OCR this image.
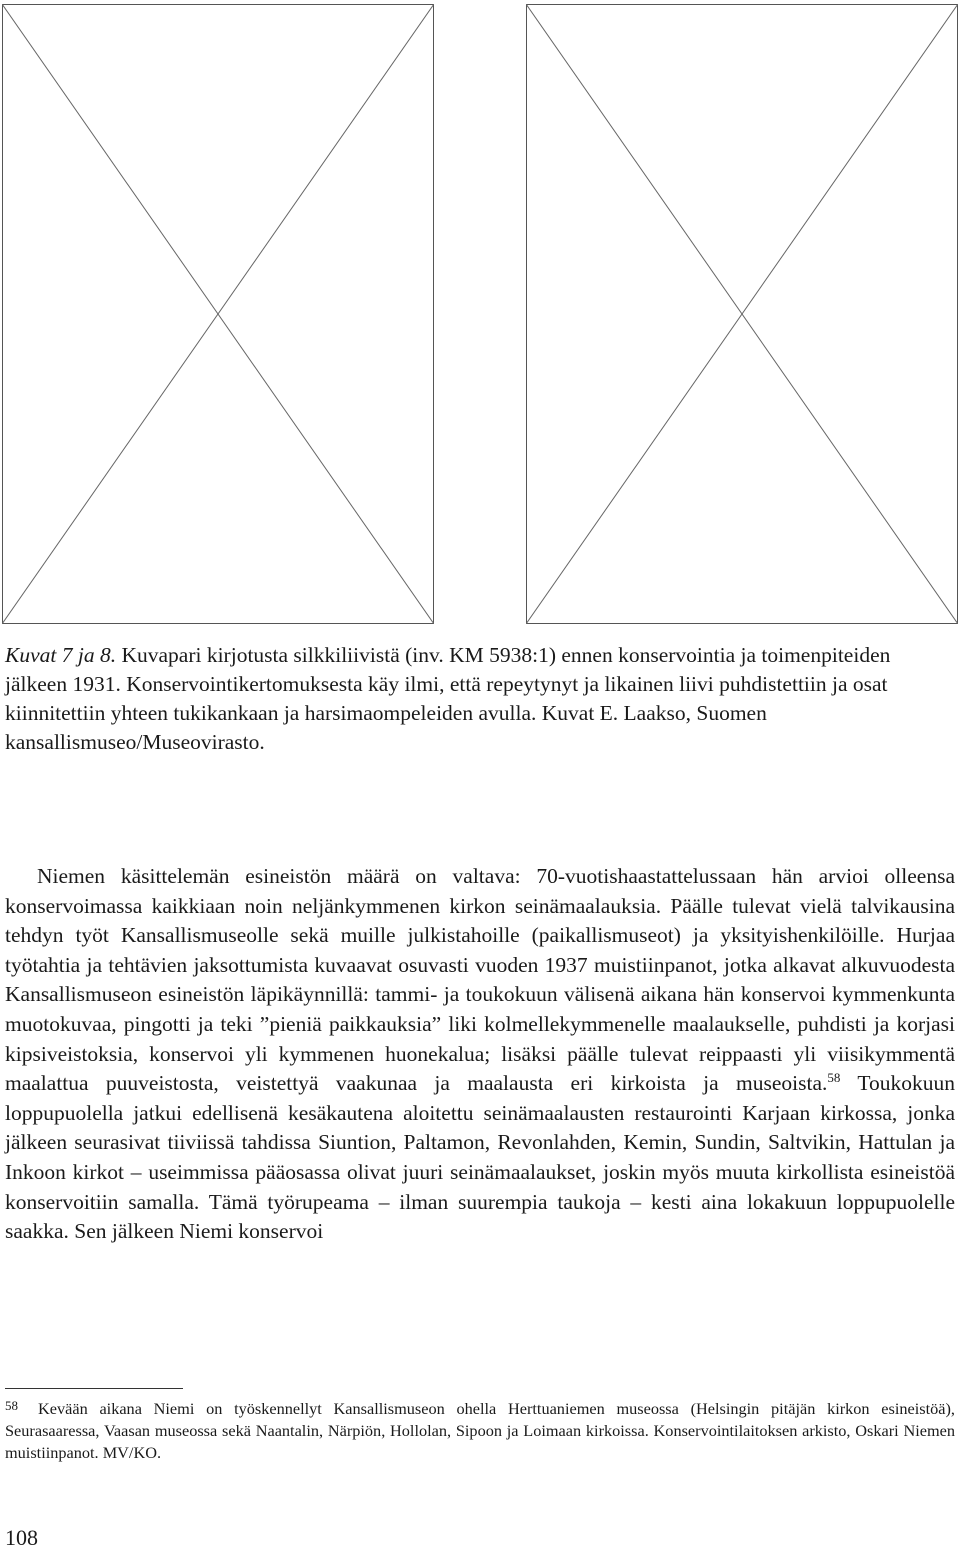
Kuvat 7 ja 8. Kuvapari kirjotusta silkkiliivistä (inv. KM 5938:1) ennen konservointia ja toimenpiteiden jälkeen 1931. Konservointikertomuksesta käy ilmi, että repeytynyt ja likainen liivi puhdistettiin ja osat kiinnitettiin yhteen tukikankaan ja harsimaompeleiden avulla. Kuvat E. Laakso, Suomen kansallismuseo/Museovirasto.

Niemen käsittelemän esineistön määrä on valtava: 70-vuotishaastattelussaan hän arvioi olleensa konservoimassa kaikkiaan noin neljänkymmenen kirkon seinämaalauksia. Päälle tulevat vielä talvikausina tehdyn työt Kansallismuseolle sekä muille julkistahoille (paikallismuseot) ja yksityishenkilöille. Hurjaa työtahtia ja tehtävien jaksottumista kuvaavat osuvasti vuoden 1937 muistiinpanot, jotka alkavat alkuvuodesta Kansallismuseon esineistön läpikäynnillä: tammi- ja toukokuun välisenä aikana hän konservoi kymmenkunta muotokuvaa, pingotti ja teki ”pieniä paikkauksia” liki kolmellekymmenelle maalaukselle, puhdisti ja korjasi kipsiveistoksia, konservoi yli kymmenen huonekalua; lisäksi päälle tulevat reippaasti yli viisikymmentä maalattua puuveistosta, veistettyä vaakunaa ja maalausta eri kirkoista ja museoista.$^{58}$ Toukokuun loppupuolella jatkui edellisenä kesäkautena aloitettu seinämaalausten restaurointi Karjaan kirkossa, jonka jälkeen seurasivat tiiviissä tahdissa Siuntion, Paltamon, Revonlahden, Kemin, Sundin, Saltvikin, Hattulan ja Inkoon kirkot – useimmissa pääosassa olivat juuri seinämaalaukset, joskin myös muuta kirkollista esineistöä konservoitiin samalla. Tämä työrupeama – ilman suurempia taukoja – kesti aina lokakuun loppupuolelle saakka. Sen jälkeen Niemi konservoi

58 Kevään aikana Niemi on työskennellyt Kansallismuseon ohella Herttuaniemen museossa (Helsingin pitäjän kirkon esineistöä), Seurasaaressa, Vaasan museossa sekä Naantalin, Närpiön, Hollolan, Sipoon ja Loimaan kirkoissa. Konservointilaitoksen arkisto, Oskari Niemen muistiinpanot. MV/KO.

108
